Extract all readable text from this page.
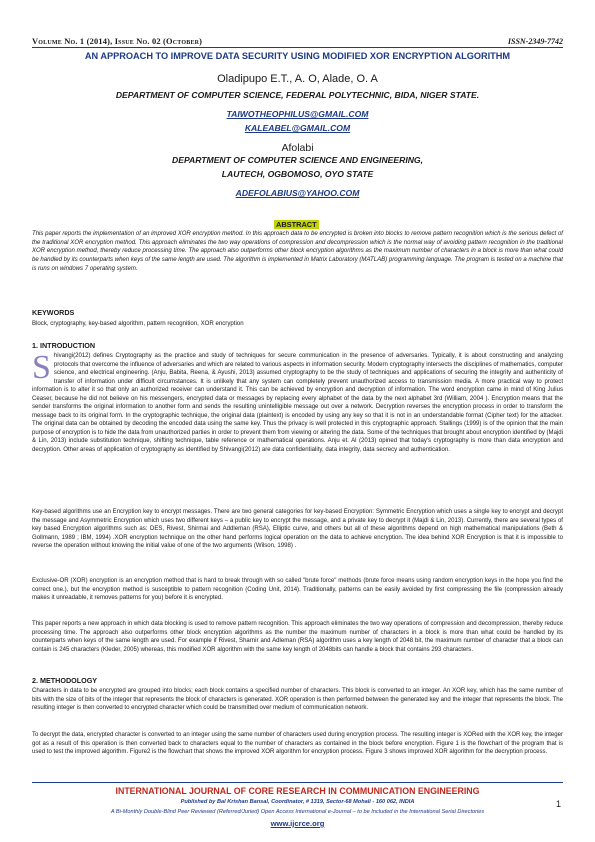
Volume No. 1 (2014), Issue No. 02 (October)	ISSN-2349-7742
AN APPROACH TO IMPROVE DATA SECURITY USING MODIFIED XOR ENCRYPTION ALGORITHM
Oladipupo E.T., A. O, Alade, O. A
DEPARTMENT OF COMPUTER SCIENCE, FEDERAL POLYTECHNIC, BIDA, NIGER STATE.
TAIWOTHEOPHILUS@GMAIL.COM
KALEABEL@GMAIL.COM
Afolabi
DEPARTMENT OF COMPUTER SCIENCE AND ENGINEERING,
LAUTECH, OGBOMOSO, OYO STATE
ADEFOLABIUS@YAHOO.COM
ABSTRACT
This paper reports the implementation of an improved XOR encryption method. In this approach data to be encrypted is broken into blocks to remove pattern recognition which is the serious defect of the traditional XOR encryption method. This approach eliminates the two way operations of compression and decompression which is the normal way of avoiding pattern recognition in the traditional XOR encryption method, thereby reduce processing time. The approach also outperforms other block encryption algorithms as the maximum number of characters in a block is more than what could be handled by its counterparts when keys of the same length are used. The algorithm is implemented in Matrix Laboratory (MATLAB) programming language. The program is tested on a machine that is runs on windows 7 operating system.
KEYWORDS
Block, cryptography, key-based algorithm, pattern recognition, XOR encryption
1. INTRODUCTION
Shivangi(2012) defines Cryptography as the practice and study of techniques for secure communication in the presence of adversaries. Typically, it is about constructing and analyzing protocols that overcome the influence of adversaries and which are related to various aspects in information security. Modern cryptography intersects the disciplines of mathematics, computer science, and electrical engineering. (Anju, Babita, Reena, & Ayushi, 2013) assumed cryptography to be the study of techniques and applications of securing the integrity and authenticity of transfer of information under difficult circumstances. It is unlikely that any system can completely prevent unauthorized access to transmission media. A more practical way to protect information is to alter it so that only an authorized receiver can understand it. This can be achieved by encryption and decryption of information. The word encryption came in mind of King Julius Ceaser, because he did not believe on his messengers, encrypted data or messages by replacing every alphabet of the data by the next alphabet 3rd (William, 2004 ). Encryption means that the sender transforms the original information to another form and sends the resulting unintelligible message out over a network. Decryption reverses the encryption process in order to transform the message back to its original form. In the cryptographic technique, the original data (plaintext) is encoded by using any key so that it is not in an understandable format (Cipher text) for the attacker. The original data can be obtained by decoding the encoded data using the same key. Thus the privacy is well protected in this cryptographic approach. Stallings (1999) is of the opinion that the main purpose of encryption is to hide the data from unauthorized parties in order to prevent them from viewing or altering the data. Some of the techniques that brought about encryption identified by (Majdi & Lin, 2013) include substitution technique, shifting technique, table reference or mathematical operations. Anju et. Al (2013) opined that today's cryptography is more than data encryption and decryption. Other areas of application of cryptography as identified by Shivangi(2012) are data confidentiality, data integrity, data secrecy and authentication.
Key-based algorithms use an Encryption key to encrypt messages. There are two general categories for key-based Encryption: Symmetric Encryption which uses a single key to encrypt and decrypt the message and Asymmetric Encryption which uses two different keys – a public key to encrypt the message, and a private key to decrypt it (Majdi & Lin, 2013). Currently, there are several types of key based Encryption algorithms such as: DES, Rivest, Shirmai and Addleman (RSA), Elliptic curve, and others but all of these algorithms depend on high mathematical manipulations (Beth & Gollmann, 1989 ; IBM, 1994) .XOR encryption technique on the other hand performs logical operation on the data to achieve encryption. The idea behind XOR Encryption is that it is impossible to reverse the operation without knowing the initial value of one of the two arguments (Wilson, 1998) .
Exclusive-OR (XOR) encryption is an encryption method that is hard to break through with so called "brute force" methods (brute force means using random encryption keys in the hope you find the correct one.), but the encryption method is susceptible to pattern recognition (Coding Unit, 2014). Traditionally, patterns can be easily avoided by first compressing the file (compression already makes it unreadable, it removes patterns for you) before it is encrypted.
This paper reports a new approach in which data blocking is used to remove pattern recognition. This approach eliminates the two way operations of compression and decompression, thereby reduce processing time. The approach also outperforms other block encryption algorithms as the number the maximum number of characters in a block is more than what could be handled by its counterparts when keys of the same length are used. For example if Rivest, Sharnir and Adleman (RSA) algorithm uses a key length of 2048 bit, the maximum number of character that a block can contain is 245 characters (Kleder, 2005) whereas, this modified XOR algorithm with the same key length of 2048bits can handle a block that contains 293 characters.
2. METHODOLOGY
Characters in data to be encrypted are grouped into blocks; each block contains a specified number of characters. This block is converted to an integer. An XOR key, which has the same number of bits with the size of bits of the integer that represents the block of characters is generated. XOR operation is then performed between the generated key and the integer that represents the block. The resulting integer is then converted to encrypted character which could be transmitted over medium of communication network.
To decrypt the data, encrypted character is converted to an integer using the same number of characters used during encryption process. The resulting integer is XORed with the XOR key, the integer got as a result of this operation is then converted back to characters equal to the number of characters as contained in the block before encryption. Figure 1 is the flowchart of the program that is used to test the improved algorithm. Figure2 is the flowchart that shows the improved XOR algorithm for encryption process. Figure 3 shows improved XOR algorithm for the decryption process.
INTERNATIONAL JOURNAL OF CORE RESEARCH IN COMMUNICATION ENGINEERING
Published by Bal Krishan Bansal, Coordinator, # 1319, Sector-68 Mohali - 160 062, INDIA
A Bi-Monthly Double-Blind Peer Reviewed (Referred/Juried) Open Access International e-Journal – to be Included in the International Serial Directories
www.ijcrce.org
1
